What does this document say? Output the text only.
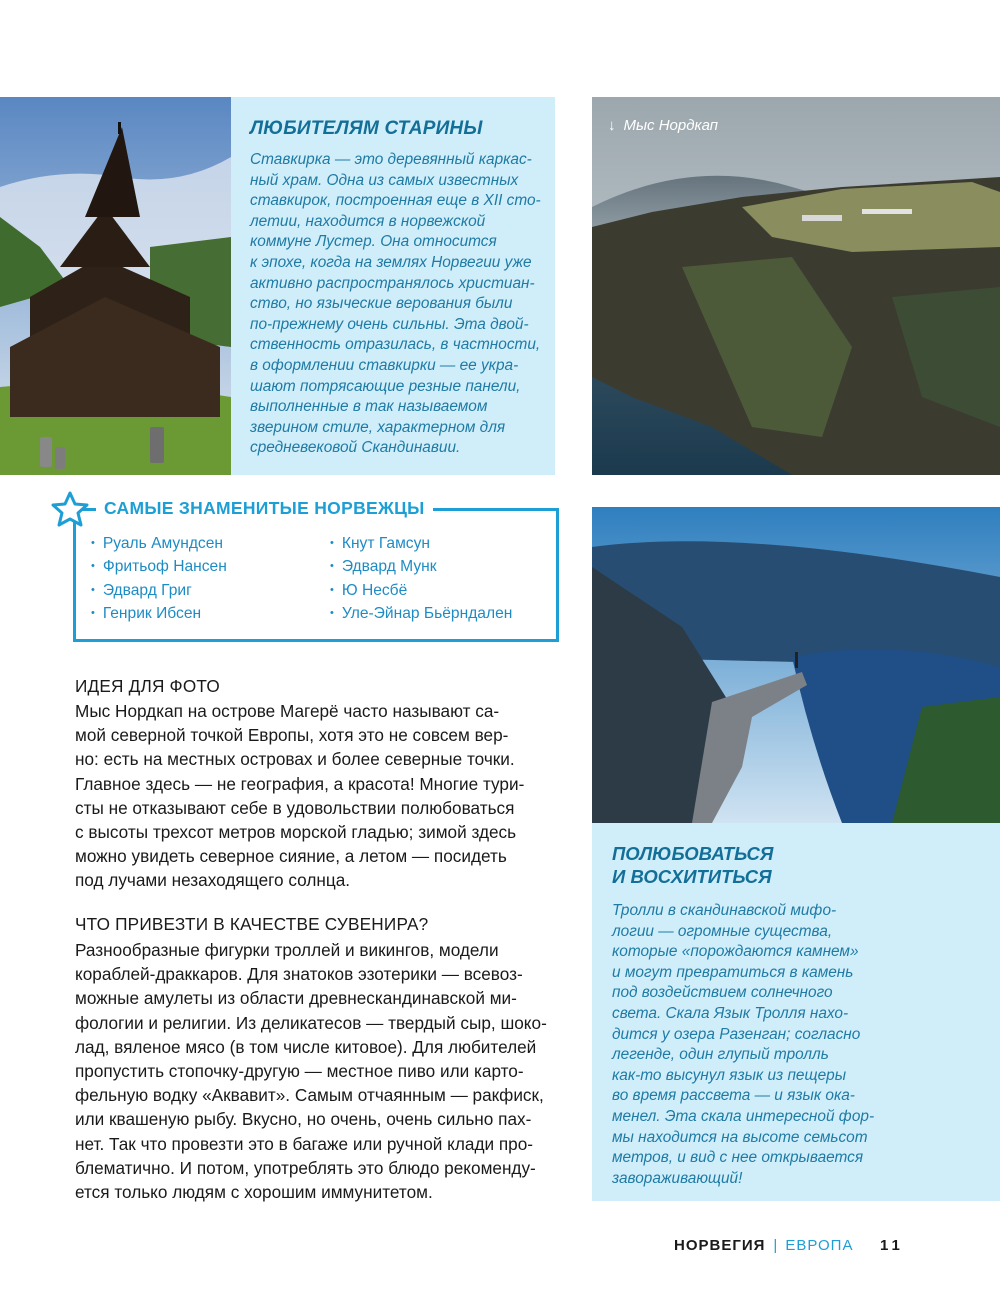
ЛЮБИТЕЛЯМ СТАРИНЫ
Ставкирка — это деревянный каркас-
ный храм. Одна из самых известных
ставкирок, построенная еще в XII сто-
летии, находится в норвежской
коммуне Лустер. Она относится
к эпохе, когда на землях Норвегии уже
активно распространялось христиан-
ство, но языческие верования были
по-прежнему очень сильны. Эта двой-
ственность отразилась, в частности,
в оформлении ставкирки — ее укра-
шают потрясающие резные панели,
выполненные в так называемом
зверином стиле, характерном для
средневековой Скандинавии.
↓ Мыс Нордкап
САМЫЕ ЗНАМЕНИТЫЕ НОРВЕЖЦЫ
• Руаль Амундсен
• Фритьоф Нансен
• Эдвард Григ
• Генрик Ибсен
• Кнут Гамсун
• Эдвард Мунк
• Ю Несбё
• Уле-Эйнар Бьёрндален
ПОЛЮБОВАТЬСЯ
И ВОСХИТИТЬСЯ
Тролли в скандинавской мифо-
логии — огромные существа,
которые «порождаются камнем»
и могут превратиться в камень
под воздействием солнечного
света. Скала Язык Тролля нахо-
дится у озера Разенган; согласно
легенде, один глупый тролль
как-то высунул язык из пещеры
во время рассвета — и язык ока-
менел. Эта скала интересной фор-
мы находится на высоте семьсот
метров, и вид с нее открывается
завораживающий!
ИДЕЯ ДЛЯ ФОТО
Мыс Нордкап на острове Магерё часто называют са-
мой северной точкой Европы, хотя это не совсем вер-
но: есть на местных островах и более северные точки.
Главное здесь — не география, а красота! Многие тури-
сты не отказывают себе в удовольствии полюбоваться
с высоты трехсот метров морской гладью; зимой здесь
можно увидеть северное сияние, а летом — посидеть
под лучами незаходящего солнца.
ЧТО ПРИВЕЗТИ В КАЧЕСТВЕ СУВЕНИРА?
Разнообразные фигурки троллей и викингов, модели
кораблей-драккаров. Для знатоков эзотерики — всевоз-
можные амулеты из области древнескандинавской ми-
фологии и религии. Из деликатесов — твердый сыр, шоко-
лад, вяленое мясо (в том числе китовое). Для любителей
пропустить стопочку-другую — местное пиво или карто-
фельную водку «Аквавит». Самым отчаянным — ракфиск,
или квашеную рыбу. Вкусно, но очень, очень сильно пах-
нет. Так что провезти это в багаже или ручной клади про-
блематично. И потом, употреблять это блюдо рекоменду-
ется только людям с хорошим иммунитетом.
НОРВЕГИЯ | ЕВРОПА 11
